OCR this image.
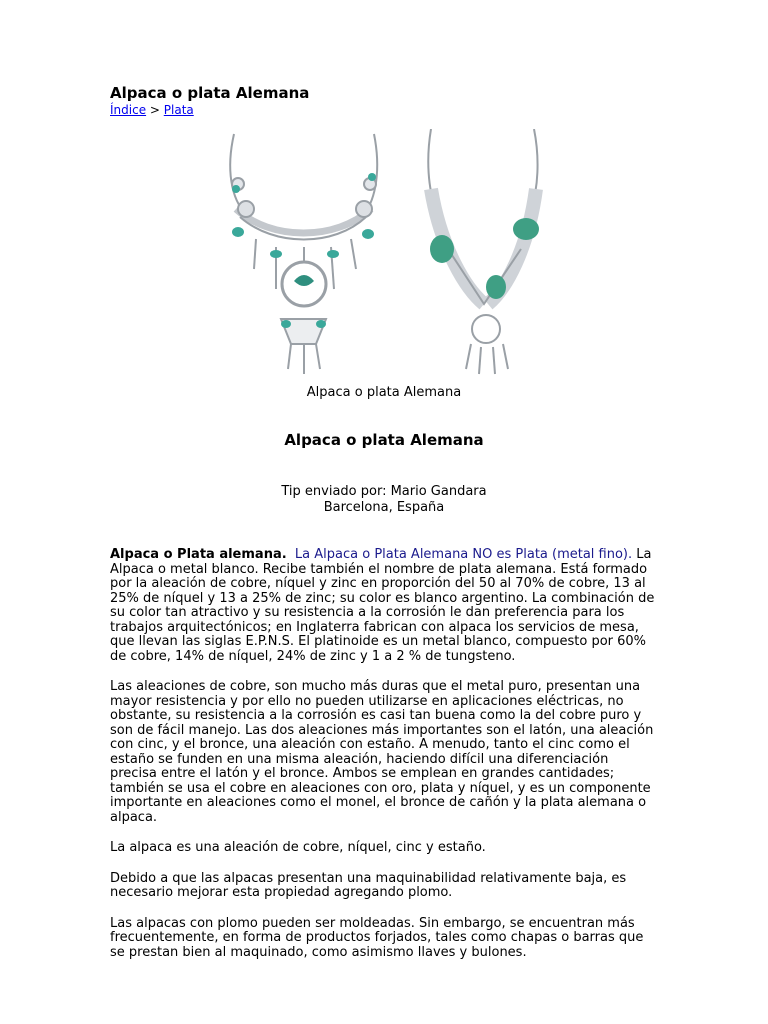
Alpaca o plata Alemana
Índice > Plata
Alpaca o plata Alemana
Alpaca o plata Alemana
Tip enviado por: Mario Gandara
Barcelona, España

Alpaca o Plata alemana. La Alpaca o Plata Alemana NO es Plata (metal fino). La Alpaca o metal blanco. Recibe también el nombre de plata alemana. Está formado por la aleación de cobre, níquel y zinc en proporción del 50 al 70% de cobre, 13 al 25% de níquel y 13 a 25% de zinc; su color es blanco argentino. La combinación de su color tan atractivo y su resistencia a la corrosión le dan preferencia para los trabajos arquitectónicos; en Inglaterra fabrican con alpaca los servicios de mesa, que llevan las siglas E.P.N.S. El platinoide es un metal blanco, compuesto por 60% de cobre, 14% de níquel, 24% de zinc y 1 a 2 % de tungsteno.

Las aleaciones de cobre, son mucho más duras que el metal puro, presentan una mayor resistencia y por ello no pueden utilizarse en aplicaciones eléctricas, no obstante, su resistencia a la corrosión es casi tan buena como la del cobre puro y son de fácil manejo. Las dos aleaciones más importantes son el latón, una aleación con cinc, y el bronce, una aleación con estaño. A menudo, tanto el cinc como el estaño se funden en una misma aleación, haciendo difícil una diferenciación precisa entre el latón y el bronce. Ambos se emplean en grandes cantidades; también se usa el cobre en aleaciones con oro, plata y níquel, y es un componente importante en aleaciones como el monel, el bronce de cañón y la plata alemana o alpaca.

La alpaca es una aleación de cobre, níquel, cinc y estaño.

Debido a que las alpacas presentan una maquinabilidad relativamente baja, es necesario mejorar esta propiedad agregando plomo.

Las alpacas con plomo pueden ser moldeadas. Sin embargo, se encuentran más frecuentemente, en forma de productos forjados, tales como chapas o barras que se prestan bien al maquinado, como asimismo llaves y bulones.
